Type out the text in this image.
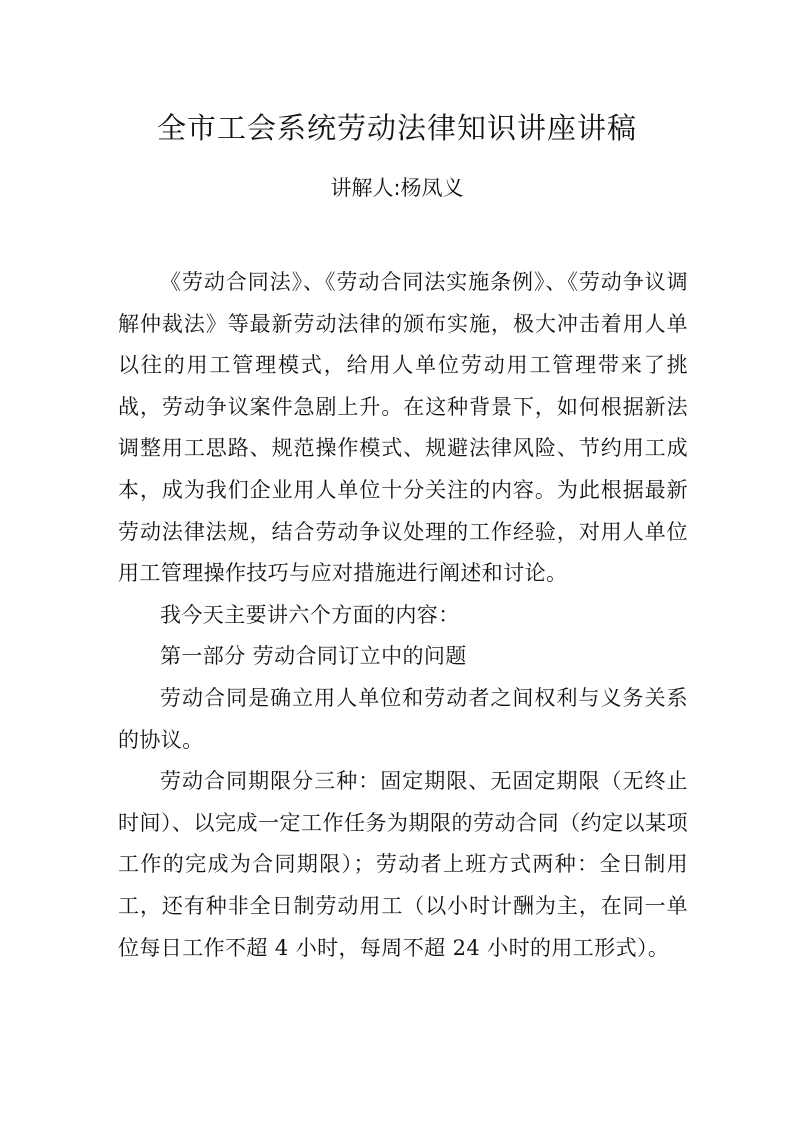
全市工会系统劳动法律知识讲座讲稿
讲解人:杨凤义

《劳动合同法》、《劳动合同法实施条例》、《劳动争议调解仲裁法》等最新劳动法律的颁布实施，极大冲击着用人单以往的用工管理模式，给用人单位劳动用工管理带来了挑战，劳动争议案件急剧上升。在这种背景下，如何根据新法调整用工思路、规范操作模式、规避法律风险、节约用工成本，成为我们企业用人单位十分关注的内容。为此根据最新劳动法律法规，结合劳动争议处理的工作经验，对用人单位用工管理操作技巧与应对措施进行阐述和讨论。

我今天主要讲六个方面的内容：

第一部分 劳动合同订立中的问题

劳动合同是确立用人单位和劳动者之间权利与义务关系的协议。

劳动合同期限分三种：固定期限、无固定期限（无终止时间）、以完成一定工作任务为期限的劳动合同（约定以某项工作的完成为合同期限）；劳动者上班方式两种：全日制用工，还有种非全日制劳动用工（以小时计酬为主，在同一单位每日工作不超 4 小时，每周不超 24 小时的用工形式）。
